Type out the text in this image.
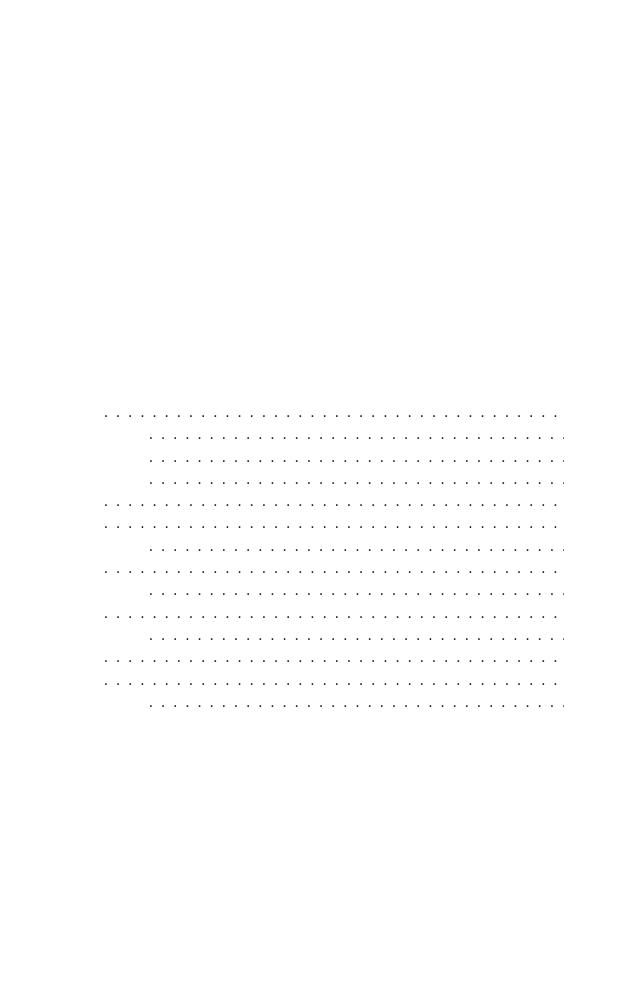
. . .
. . .
. . .
. . .
. . .
. . .
. . .
. . .
. . .
. . .
. . .
. . .
. . .
. . .
